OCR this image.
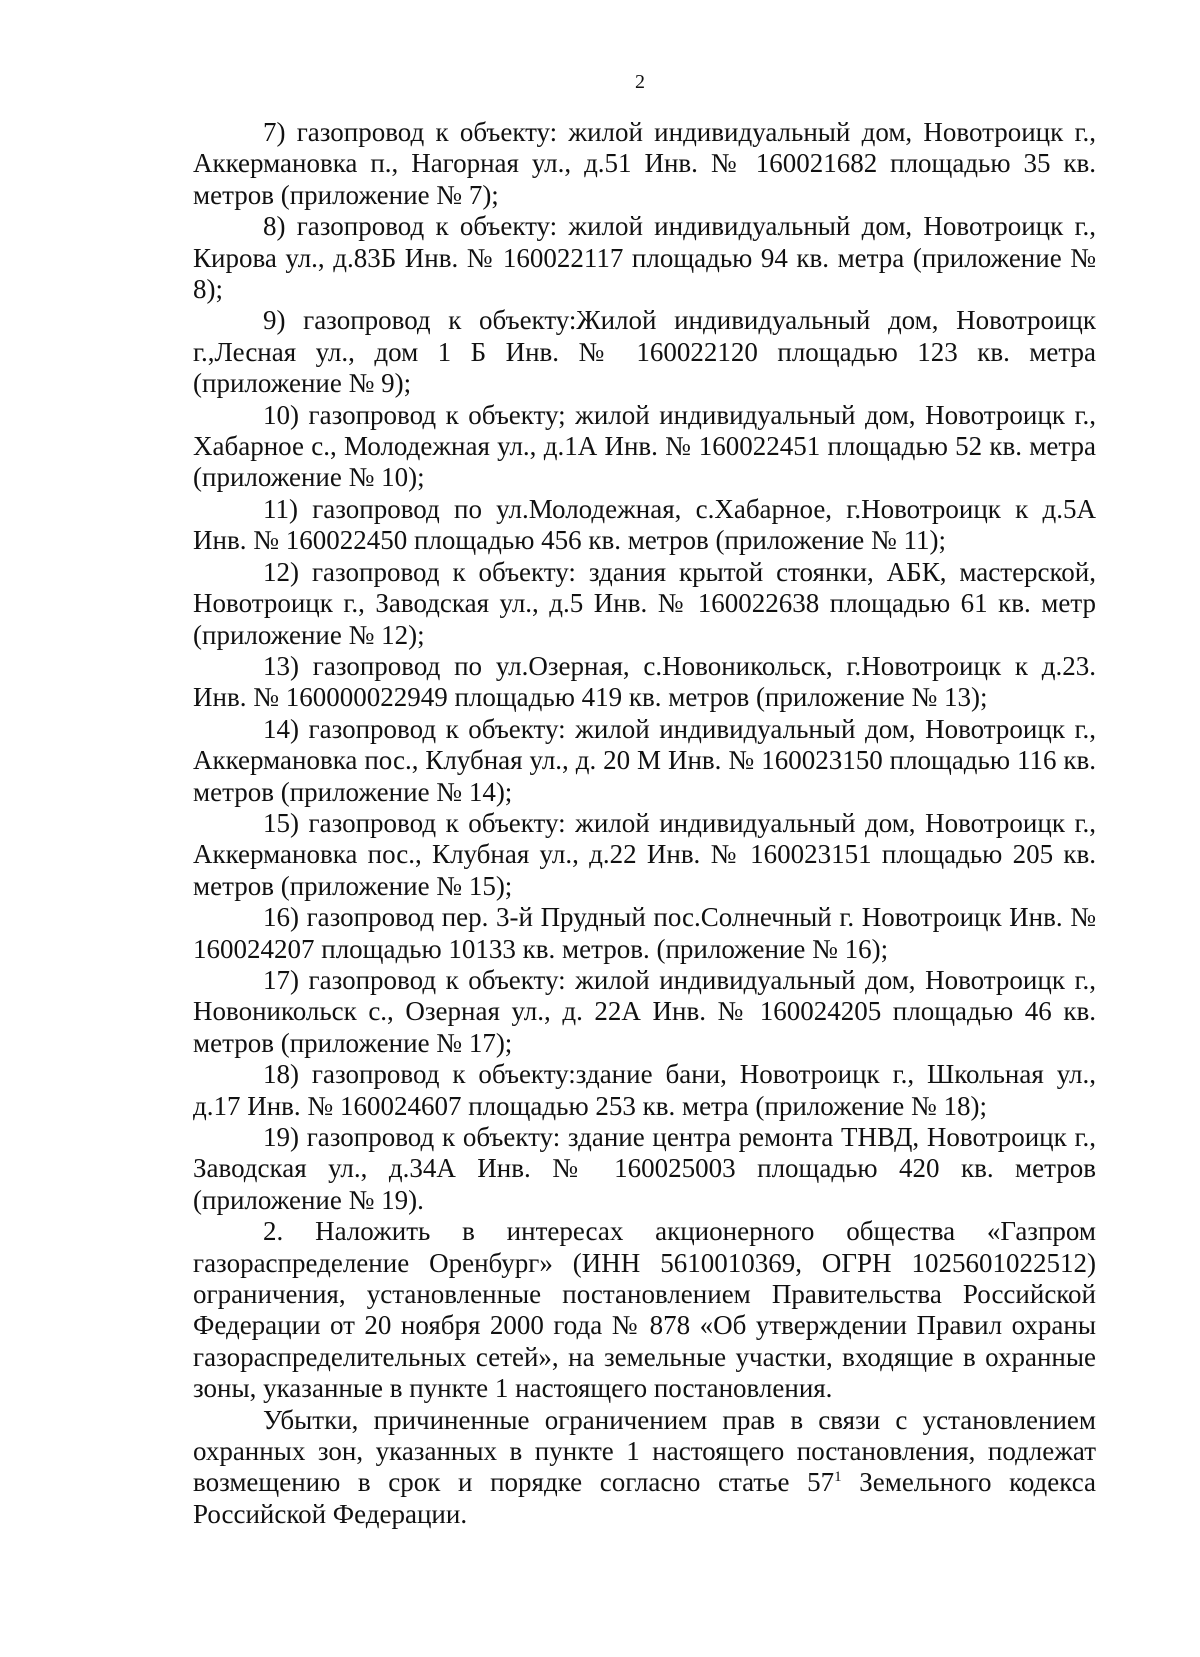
2

7) газопровод к объекту: жилой индивидуальный дом, Новотроицк г., Аккермановка п., Нагорная ул., д.51 Инв. № 160021682 площадью 35 кв. метров (приложение № 7);

8) газопровод к объекту: жилой индивидуальный дом, Новотроицк г., Кирова ул., д.83Б Инв. № 160022117 площадью 94 кв. метра (приложение № 8);

9) газопровод к объекту:Жилой индивидуальный дом, Новотроицк г.,Лесная ул., дом 1 Б Инв. № 160022120 площадью 123 кв. метра (приложение № 9);

10) газопровод к объекту; жилой индивидуальный дом, Новотроицк г., Хабарное с., Молодежная ул., д.1А Инв. № 160022451 площадью 52 кв. метра (приложение № 10);

11) газопровод по ул.Молодежная, с.Хабарное, г.Новотроицк к д.5А Инв. № 160022450 площадью 456 кв. метров (приложение № 11);

12) газопровод к объекту: здания крытой стоянки, АБК, мастерской, Новотроицк г., Заводская ул., д.5 Инв. № 160022638 площадью 61 кв. метр (приложение № 12);

13) газопровод по ул.Озерная, с.Новоникольск, г.Новотроицк к д.23. Инв. № 160000022949 площадью 419 кв. метров (приложение № 13);

14) газопровод к объекту: жилой индивидуальный дом, Новотроицк г., Аккермановка пос., Клубная ул., д. 20 М Инв. № 160023150 площадью 116 кв. метров (приложение № 14);

15) газопровод к объекту: жилой индивидуальный дом, Новотроицк г., Аккермановка пос., Клубная ул., д.22 Инв. № 160023151 площадью 205 кв. метров (приложение № 15);

16) газопровод пер. 3-й Прудный пос.Солнечный г. Новотроицк Инв. № 160024207 площадью 10133 кв. метров. (приложение № 16);

17) газопровод к объекту: жилой индивидуальный дом, Новотроицк г., Новоникольск с., Озерная ул., д. 22А Инв. № 160024205 площадью 46 кв. метров (приложение № 17);

18) газопровод к объекту:здание бани, Новотроицк г., Школьная ул., д.17 Инв. № 160024607 площадью 253 кв. метра (приложение № 18);

19) газопровод к объекту: здание центра ремонта ТНВД, Новотроицк г., Заводская ул., д.34А Инв. № 160025003 площадью 420 кв. метров (приложение № 19).

2. Наложить в интересах акционерного общества «Газпром газораспределение Оренбург» (ИНН 5610010369, ОГРН 1025601022512) ограничения, установленные постановлением Правительства Российской Федерации от 20 ноября 2000 года № 878 «Об утверждении Правил охраны газораспределительных сетей», на земельные участки, входящие в охранные зоны, указанные в пункте 1 настоящего постановления.

Убытки, причиненные ограничением прав в связи с установлением охранных зон, указанных в пункте 1 настоящего постановления, подлежат возмещению в срок и порядке согласно статье $57^1$ Земельного кодекса Российской Федерации.
